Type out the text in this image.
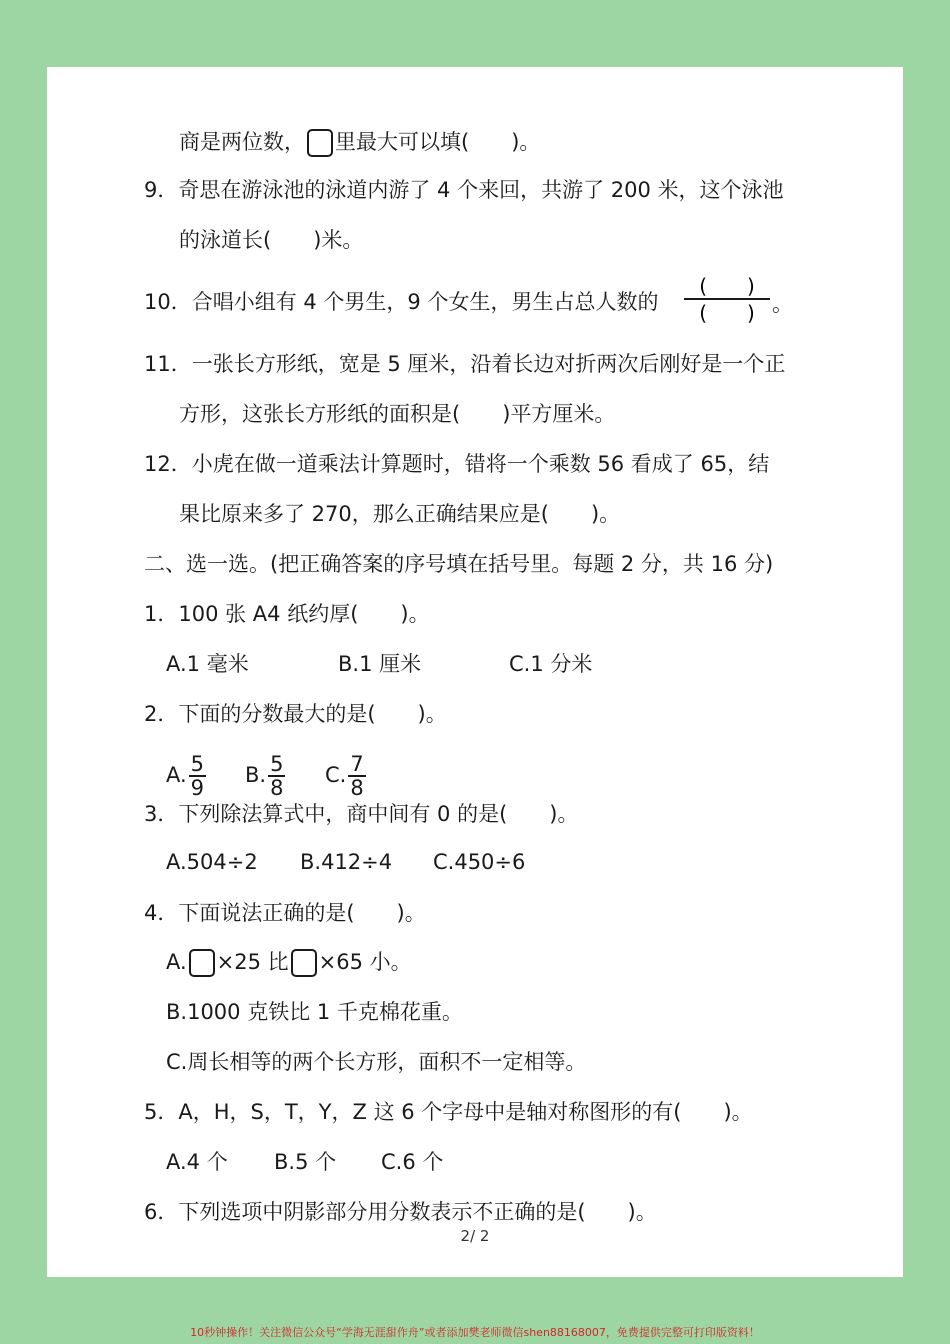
商是两位数， 里最大可以填(　　)。
9．奇思在游泳池的泳道内游了 4 个来回，共游了 200 米，这个泳池
的泳道长(　　)米。
10．合唱小组有 4 个男生，9 个女生，男生占总人数的
(　　)
(　　) 。
11．一张长方形纸，宽是 5 厘米，沿着长边对折两次后刚好是一个正
方形，这张长方形纸的面积是(　　)平方厘米。
12．小虎在做一道乘法计算题时，错将一个乘数 56 看成了 65，结
果比原来多了 270，那么正确结果应是(　　)。
二、选一选。(把正确答案的序号填在括号里。每题 2 分，共 16 分)
1．100 张 A4 纸约厚(　　)。
A.1 毫米	B.1 厘米	C.1 分米
2．下面的分数最大的是(　　)。
A. $\frac{5}{9} B$. $\frac{5}{8} C$. $\frac{7}{8}$
3．下列除法算式中，商中间有 0 的是(　　)。
A.504÷2 B.412÷4 C.450÷6
4．下面说法正确的是(　　)。
A. ×25 比 ×65 小。
B.1000 克铁比 1 千克棉花重。
C.周长相等的两个长方形，面积不一定相等。
5．A，H，S，T，Y，Z 这 6 个字母中是轴对称图形的有(　　)。
A.4 个 B.5 个 C.6 个
6．下列选项中阴影部分用分数表示不正确的是(　　)。
2/ 2
10秒钟操作！关注微信公众号“学海无涯甜作舟”或者添加樊老师微信shen88168007，免费提供完整可打印版资料！
